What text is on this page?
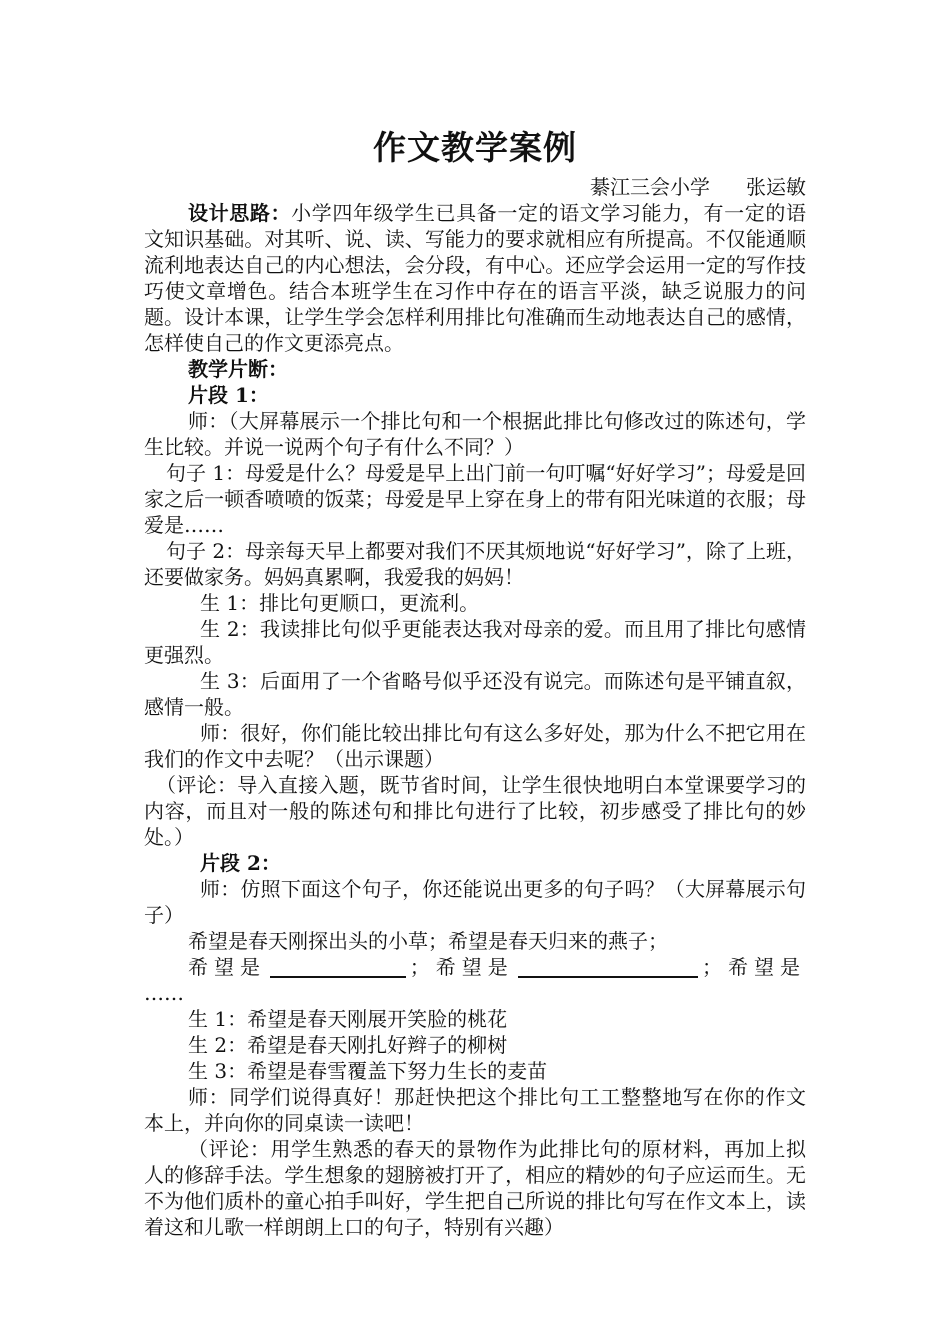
作文教学案例

綦江三会小学 张运敏

设计思路：小学四年级学生已具备一定的语文学习能力，有一定的语文知识基础。对其听、说、读、写能力的要求就相应有所提高。不仅能通顺流利地表达自己的内心想法，会分段，有中心。还应学会运用一定的写作技巧使文章增色。结合本班学生在习作中存在的语言平淡，缺乏说服力的问题。设计本课，让学生学会怎样利用排比句准确而生动地表达自己的感情，怎样使自己的作文更添亮点。

教学片断：

片段 1：

师：（大屏幕展示一个排比句和一个根据此排比句修改过的陈述句，学生比较。并说一说两个句子有什么不同？）

句子 1：母爱是什么？母爱是早上出门前一句叮嘱“好好学习”；母爱是回家之后一顿香喷喷的饭菜；母爱是早上穿在身上的带有阳光味道的衣服；母爱是……

句子 2：母亲每天早上都要对我们不厌其烦地说“好好学习”，除了上班，还要做家务。妈妈真累啊，我爱我的妈妈！

生 1：排比句更顺口，更流利。

生 2：我读排比句似乎更能表达我对母亲的爱。而且用了排比句感情更强烈。

生 3：后面用了一个省略号似乎还没有说完。而陈述句是平铺直叙，感情一般。

师：很好，你们能比较出排比句有这么多好处，那为什么不把它用在我们的作文中去呢？（出示课题）

（评论：导入直接入题，既节省时间，让学生很快地明白本堂课要学习的内容，而且对一般的陈述句和排比句进行了比较，初步感受了排比句的妙处。）

片段 2：

师：仿照下面这个句子，你还能说出更多的句子吗？（大屏幕展示句子）

希望是春天刚探出头的小草；希望是春天归来的燕子；

希望是	；希望是	；希望是

……

生 1：希望是春天刚展开笑脸的桃花

生 2：希望是春天刚扎好辫子的柳树

生 3：希望是春雪覆盖下努力生长的麦苗

师：同学们说得真好！那赶快把这个排比句工工整整地写在你的作文本上，并向你的同桌读一读吧！

（评论：用学生熟悉的春天的景物作为此排比句的原材料，再加上拟人的修辞手法。学生想象的翅膀被打开了，相应的精妙的句子应运而生。无不为他们质朴的童心拍手叫好，学生把自己所说的排比句写在作文本上，读着这和儿歌一样朗朗上口的句子，特别有兴趣）
